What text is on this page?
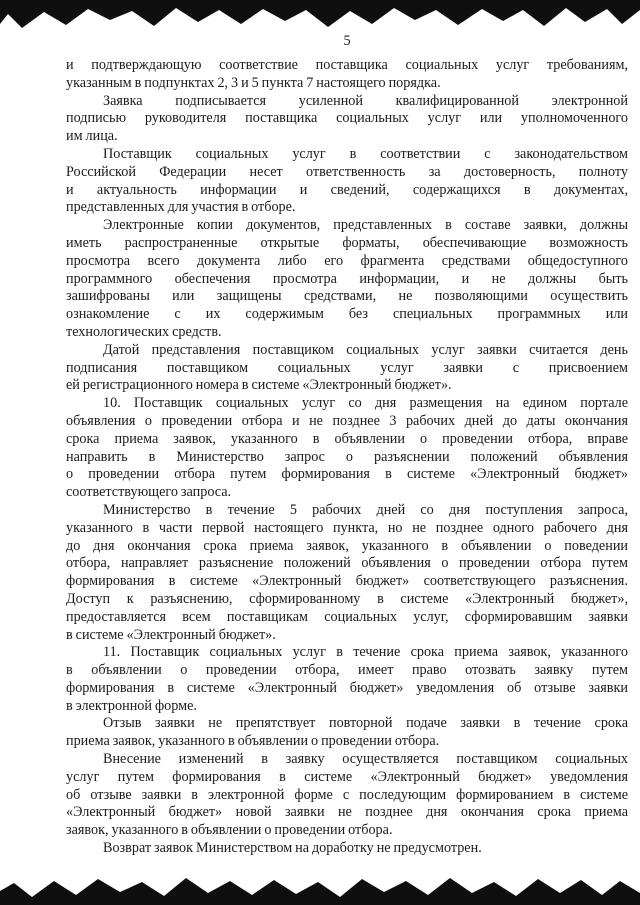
5
и подтверждающую соответствие поставщика социальных услуг требованиям,
указанным в подпунктах 2, 3 и 5 пункта 7 настоящего порядка.
Заявка подписывается усиленной квалифицированной электронной
подписью руководителя поставщика социальных услуг или уполномоченного
им лица.
Поставщик социальных услуг в соответствии с законодательством
Российской Федерации несет ответственность за достоверность, полноту
и актуальность информации и сведений, содержащихся в документах,
представленных для участия в отборе.
Электронные копии документов, представленных в составе заявки, должны
иметь распространенные открытые форматы, обеспечивающие возможность
просмотра всего документа либо его фрагмента средствами общедоступного
программного обеспечения просмотра информации, и не должны быть
зашифрованы или защищены средствами, не позволяющими осуществить
ознакомление с их содержимым без специальных программных или
технологических средств.
Датой представления поставщиком социальных услуг заявки считается день
подписания поставщиком социальных услуг заявки с присвоением
ей регистрационного номера в системе «Электронный бюджет».
10. Поставщик социальных услуг со дня размещения на едином портале
объявления о проведении отбора и не позднее 3 рабочих дней до даты окончания
срока приема заявок, указанного в объявлении о проведении отбора, вправе
направить в Министерство запрос о разъяснении положений объявления
о проведении отбора путем формирования в системе «Электронный бюджет»
соответствующего запроса.
Министерство в течение 5 рабочих дней со дня поступления запроса,
указанного в части первой настоящего пункта, но не позднее одного рабочего дня
до дня окончания срока приема заявок, указанного в объявлении о поведении
отбора, направляет разъяснение положений объявления о проведении отбора путем
формирования в системе «Электронный бюджет» соответствующего разъяснения.
Доступ к разъяснению, сформированному в системе «Электронный бюджет»,
предоставляется всем поставщикам социальных услуг, сформировавшим заявки
в системе «Электронный бюджет».
11. Поставщик социальных услуг в течение срока приема заявок, указанного
в объявлении о проведении отбора, имеет право отозвать заявку путем
формирования в системе «Электронный бюджет» уведомления об отзыве заявки
в электронной форме.
Отзыв заявки не препятствует повторной подаче заявки в течение срока
приема заявок, указанного в объявлении о проведении отбора.
Внесение изменений в заявку осуществляется поставщиком социальных
услуг путем формирования в системе «Электронный бюджет» уведомления
об отзыве заявки в электронной форме с последующим формированием в системе
«Электронный бюджет» новой заявки не позднее дня окончания срока приема
заявок, указанного в объявлении о проведении отбора.
Возврат заявок Министерством на доработку не предусмотрен.
